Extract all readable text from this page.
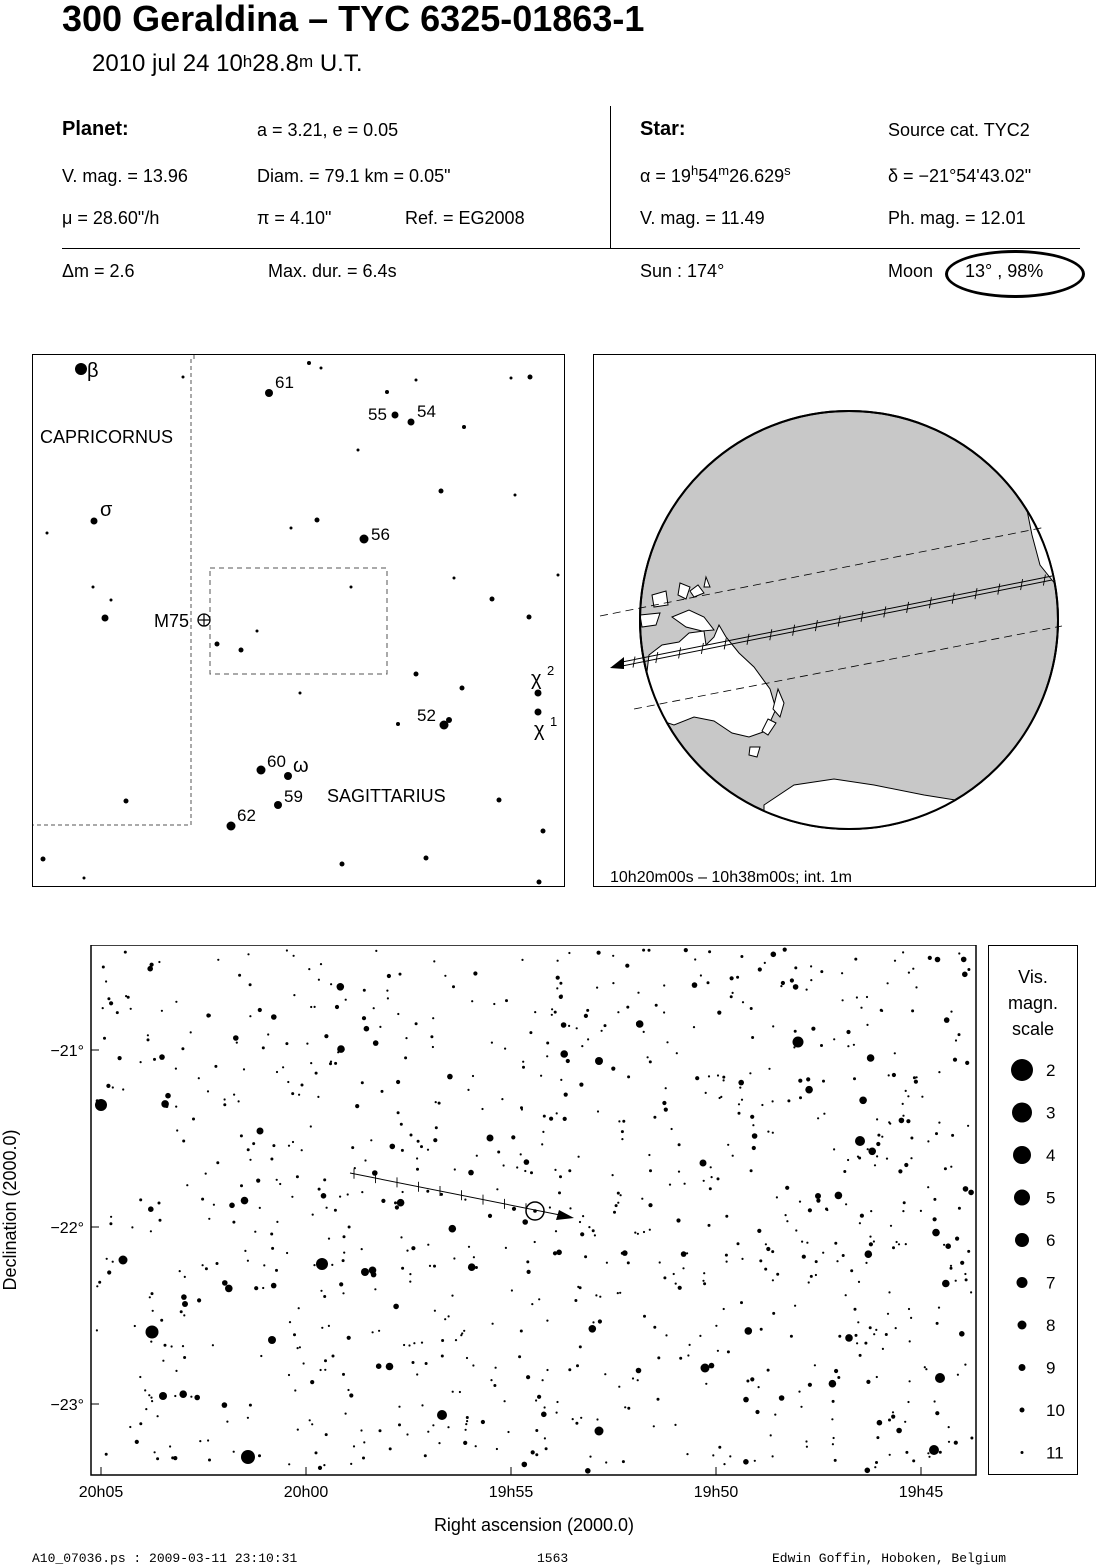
300 Geraldina – TYC 6325-01863-1
2010 jul 24 10$^h$28.8$^m$ U.T.
Planet:	a = 3.21, e = 0.05
V. mag. = 13.96	Diam. = 79.1 km = 0.05"
μ = 28.60"/h	π = 4.10"	Ref. = EG2008
Star:	Source cat. TYC2
$\alpha = 19^h54^m26.629^s$	δ = −21°54'43.02"
V. mag. = 11.49	Ph. mag. = 12.01
Δm = 2.6	Max. dur. = 6.4s	Sun : 174°	Moon 13° , 98%
CAPRICORNUS
SAGITTARIUS
M75
β
σ
ω
χ 2
χ 1
61
55 54
56
52
60
59
62
10h20m00s – 10h38m00s; int. 1m
20h05	20h00	19h55	19h50	19h45
−21°
−22°
−23°
Right ascension (2000.0)
Declination (2000.0)
Vis.
magn.
scale
2
3
4
5
6
7
8
9
10
11
A10_07036.ps : 2009-03-11 23:10:31	1563	Edwin Goffin, Hoboken, Belgium
